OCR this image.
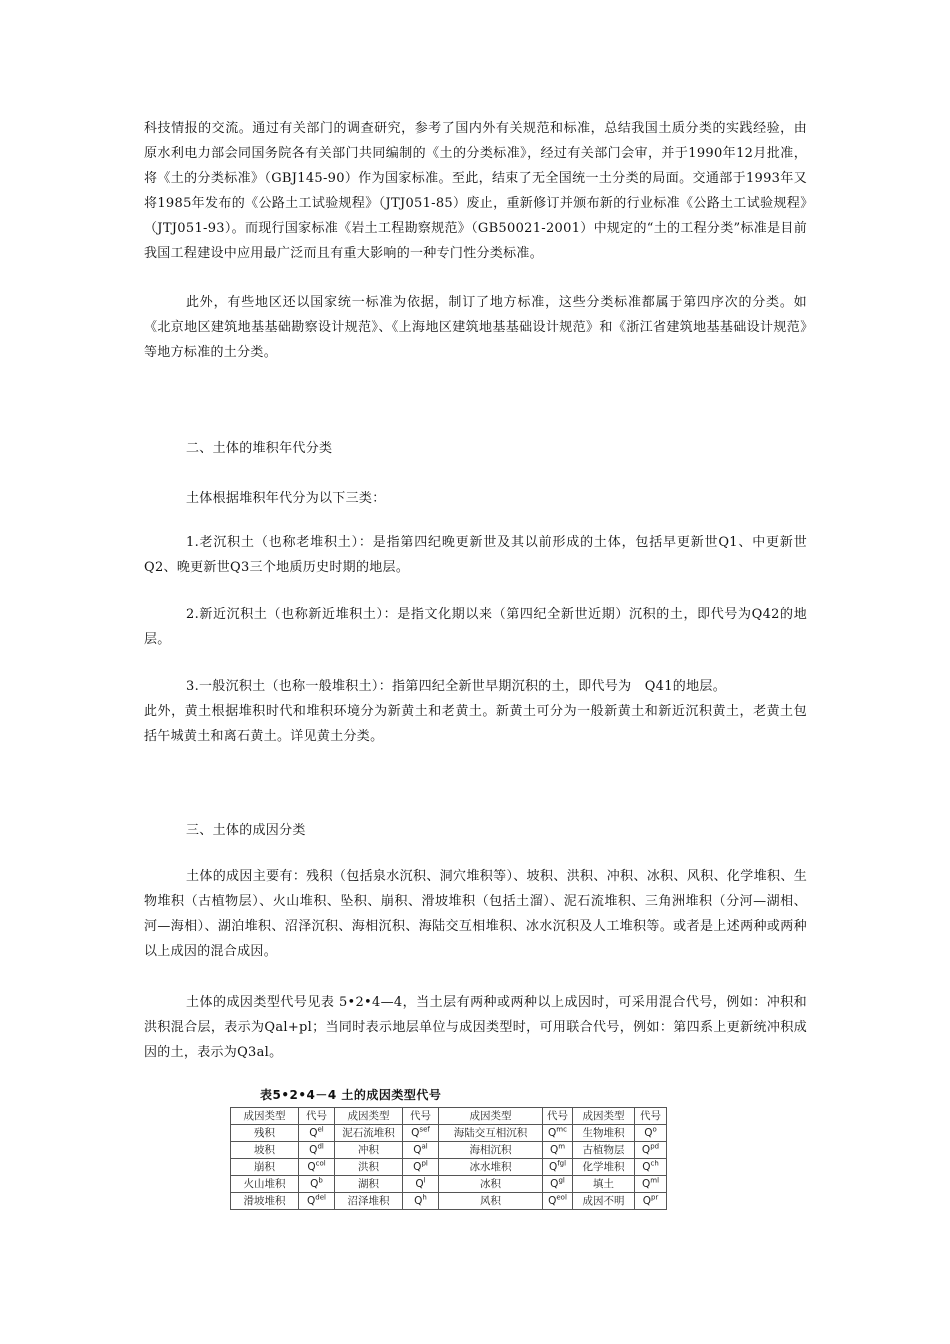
科技情报的交流。通过有关部门的调查研究，参考了国内外有关规范和标准，总结我国土质分类的实践经验，由原水利电力部会同国务院各有关部门共同编制的《土的分类标准》，经过有关部门会审，并于1990年12月批准，将《土的分类标准》（GBJ145-90）作为国家标准。至此，结束了无全国统一土分类的局面。交通部于1993年又将1985年发布的《公路土工试验规程》（JTJ051-85）废止，重新修订并颁布新的行业标准《公路土工试验规程》（JTJ051-93）。而现行国家标准《岩土工程勘察规范》（GB50021-2001）中规定的“土的工程分类”标准是目前我国工程建设中应用最广泛而且有重大影响的一种专门性分类标准。

此外，有些地区还以国家统一标准为依据，制订了地方标准，这些分类标准都属于第四序次的分类。如《北京地区建筑地基基础勘察设计规范》、《上海地区建筑地基基础设计规范》和《浙江省建筑地基基础设计规范》等地方标准的土分类。

二、土体的堆积年代分类

土体根据堆积年代分为以下三类：

1.老沉积土（也称老堆积土）：是指第四纪晚更新世及其以前形成的土体，包括早更新世Q1、中更新世Q2、晚更新世Q3三个地质历史时期的地层。

2.新近沉积土（也称新近堆积土）：是指文化期以来（第四纪全新世近期）沉积的土，即代号为Q42的地层。

3.一般沉积土（也称一般堆积土）：指第四纪全新世早期沉积的土，即代号为　Q41的地层。

此外，黄土根据堆积时代和堆积环境分为新黄土和老黄土。新黄土可分为一般新黄土和新近沉积黄土，老黄土包括午城黄土和离石黄土。详见黄土分类。

三、土体的成因分类

土体的成因主要有：残积（包括泉水沉积、洞穴堆积等）、坡积、洪积、冲积、冰积、风积、化学堆积、生物堆积（古植物层）、火山堆积、坠积、崩积、滑坡堆积（包括土溜）、泥石流堆积、三角洲堆积（分河—湖相、河—海相）、湖泊堆积、沼泽沉积、海相沉积、海陆交互相堆积、冰水沉积及人工堆积等。或者是上述两种或两种以上成因的混合成因。

土体的成因类型代号见表 5•2•4—4，当土层有两种或两种以上成因时，可采用混合代号，例如：冲积和洪积混合层，表示为Qal+pl；当同时表示地层单位与成因类型时，可用联合代号，例如：第四系上更新统冲积成因的土，表示为Q3al。

表5•2•4－4 土的成因类型代号

成因类型	代号	成因类型	代号	成因类型	代号	成因类型	代号
残积	$Q^{el}$	泥石流堆积	$Q^{sef}$	海陆交互相沉积	$Q^{mc}$	生物堆积	$Q^o$
坡积	$Q^{dl}$	冲积	$Q^{al}$	海相沉积	$Q^m$	古植物层	$Q^{pd}$
崩积	$Q^{col}$	洪积	$Q^{pl}$	冰水堆积	$Q^{fgl}$	化学堆积	$Q^{ch}$
火山堆积	$Q^b$	湖积	$Q^l$	冰积	$Q^{gl}$	填土	$Q^{ml}$
滑坡堆积	$Q^{del}$	沼泽堆积	$Q^h$	风积	$Q^{eol}$	成因不明	$Q^{pr}$
